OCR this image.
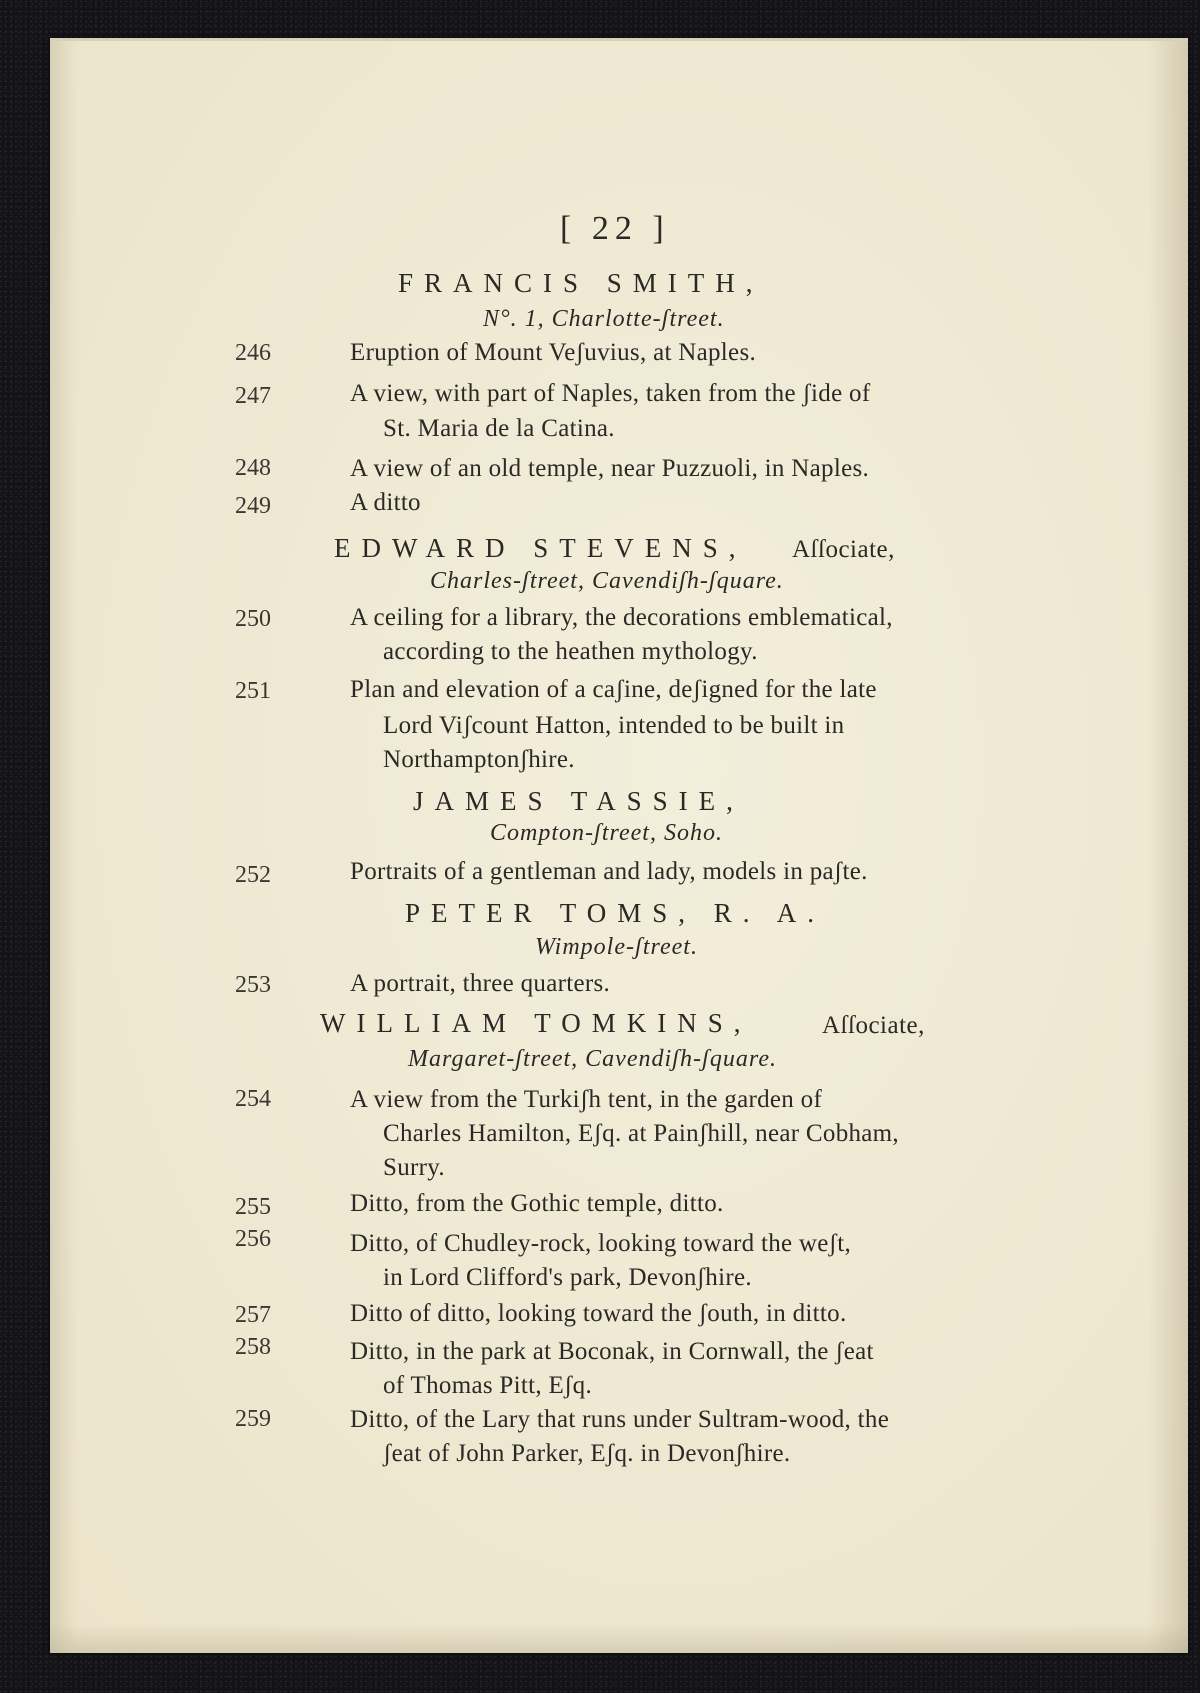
[ 22 ]
FRANCIS SMITH,
N°. 1, Charlotte-ʃtreet.
246	Eruption of Mount Veʃuvius, at Naples.
247	A view, with part of Naples, taken from the ʃide of
St. Maria de la Catina.
248	A view of an old temple, near Puzzuoli, in Naples.
249	A ditto
EDWARD STEVENS, Aſſociate,
Charles-ʃtreet, Cavendiʃh-ʃquare.
250	A ceiling for a library, the decorations emblematical,
according to the heathen mythology.
251	Plan and elevation of a caʃine, deʃigned for the late
Lord Viʃcount Hatton, intended to be built in
Northamptonʃhire.
JAMES TASSIE,
Compton-ʃtreet, Soho.
252	Portraits of a gentleman and lady, models in paʃte.
PETER TOMS, R. A.
Wimpole-ʃtreet.
253	A portrait, three quarters.
WILLIAM TOMKINS,	Aſſociate,
Margaret-ʃtreet, Cavendiʃh-ʃquare.
254	A view from the Turkiʃh tent, in the garden of
Charles Hamilton, Eʃq. at Painʃhill, near Cobham,
Surry.
255	Ditto, from the Gothic temple, ditto.
256	Ditto, of Chudley-rock, looking toward the weʃt,
in Lord Clifford's park, Devonʃhire.
257	Ditto of ditto, looking toward the ʃouth, in ditto.
258	Ditto, in the park at Boconak, in Cornwall, the ʃeat
of Thomas Pitt, Eʃq.
259	Ditto, of the Lary that runs under Sultram-wood, the
ʃeat of John Parker, Eʃq. in Devonʃhire.
